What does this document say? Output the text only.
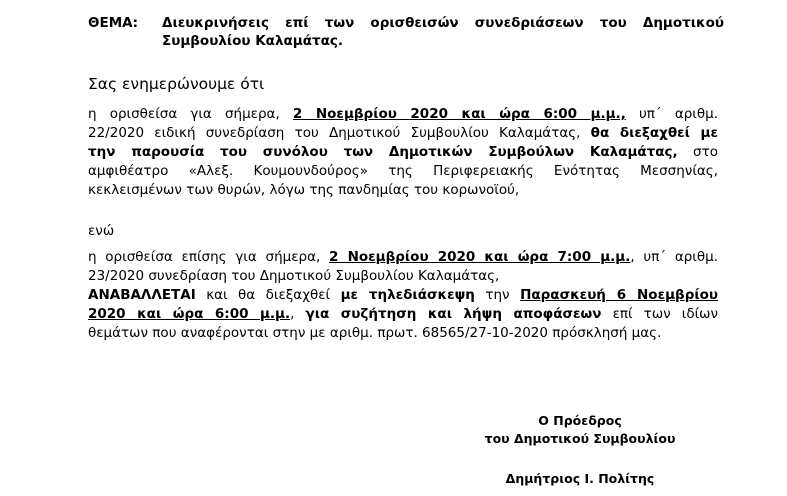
ΘΕΜΑ: Διευκρινήσεις επί των ορισθεισών συνεδριάσεων του Δημοτικού
Συμβουλίου Καλαμάτας.
Σας ενημερώνουμε ότι
η ορισθείσα για σήμερα, 2 Νοεμβρίου 2020 και ώρα 6:00 μ.μ., υπ΄ αριθμ.
22/2020 ειδική συνεδρίαση του Δημοτικού Συμβουλίου Καλαμάτας, θα διεξαχθεί με
την παρουσία του συνόλου των Δημοτικών Συμβούλων Καλαμάτας, στο
αμφιθέατρο «Αλεξ. Κουμουνδούρος» της Περιφερειακής Ενότητας Μεσσηνίας,
κεκλεισμένων των θυρών, λόγω της πανδημίας του κορωνοϊού,
ενώ
η ορισθείσα επίσης για σήμερα, 2 Νοεμβρίου 2020 και ώρα 7:00 μ.μ., υπ΄ αριθμ.
23/2020 συνεδρίαση του Δημοτικού Συμβουλίου Καλαμάτας,
ΑΝΑΒΑΛΛΕΤΑΙ και θα διεξαχθεί με τηλεδιάσκεψη την Παρασκευή 6 Νοεμβρίου
2020 και ώρα 6:00 μ.μ., για συζήτηση και λήψη αποφάσεων επί των ιδίων
θεμάτων που αναφέρονται στην με αριθμ. πρωτ. 68565/27-10-2020 πρόσκλησή μας.
Ο Πρόεδρος
του Δημοτικού Συμβουλίου
Δημήτριος Ι. Πολίτης
